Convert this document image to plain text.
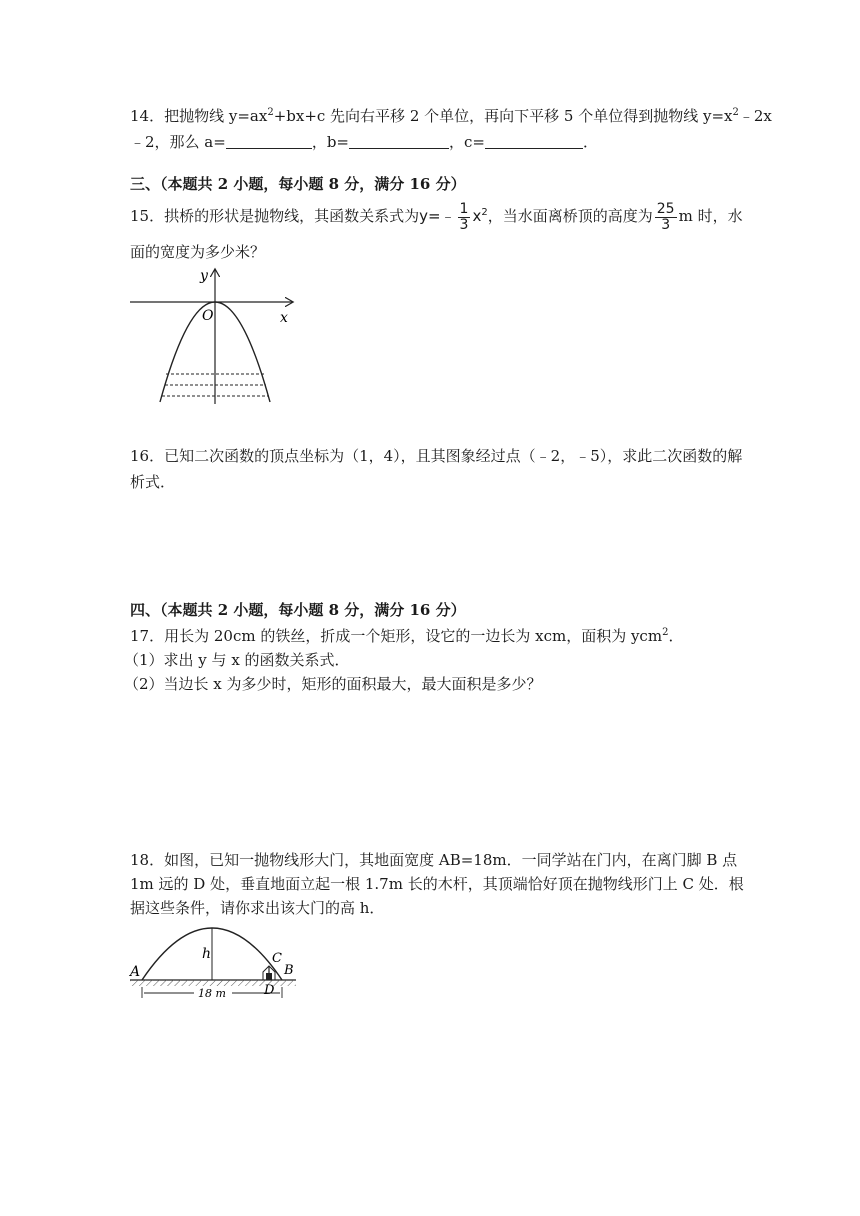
14．把抛物线 $y=ax^2+bx+c$ 先向右平移 2 个单位，再向下平移 5 个单位得到抛物线 $y=x^2﹣2x$
﹣2，那么 a=	，b=	，c=	．
三、（本题共 2 小题，每小题 8 分，满分 16 分）
15．拱桥的形状是抛物线，其函数关系式为y=﹣ $\frac{1}{3} x^2$，当水面离桥顶的高度为 $\frac{25}{3}$ m 时，水
面的宽度为多少米？
y
O	x
16．已知二次函数的顶点坐标为（1，4），且其图象经过点（﹣2，﹣5），求此二次函数的解
析式．
四、（本题共 2 小题，每小题 8 分，满分 16 分）
17．用长为 20cm 的铁丝，折成一个矩形，设它的一边长为 xcm，面积为 ycm$^2$．
（1）求出 y 与 x 的函数关系式．
（2）当边长 x 为多少时，矩形的面积最大，最大面积是多少？
18．如图，已知一抛物线形大门，其地面宽度 AB=18m．一同学站在门内，在离门脚 B 点
1m 远的 D 处，垂直地面立起一根 1.7m 长的木杆，其顶端恰好顶在抛物线形门上 C 处．根
据这些条件，请你求出该大门的高 h．
18 m
h
A	B
C
D
